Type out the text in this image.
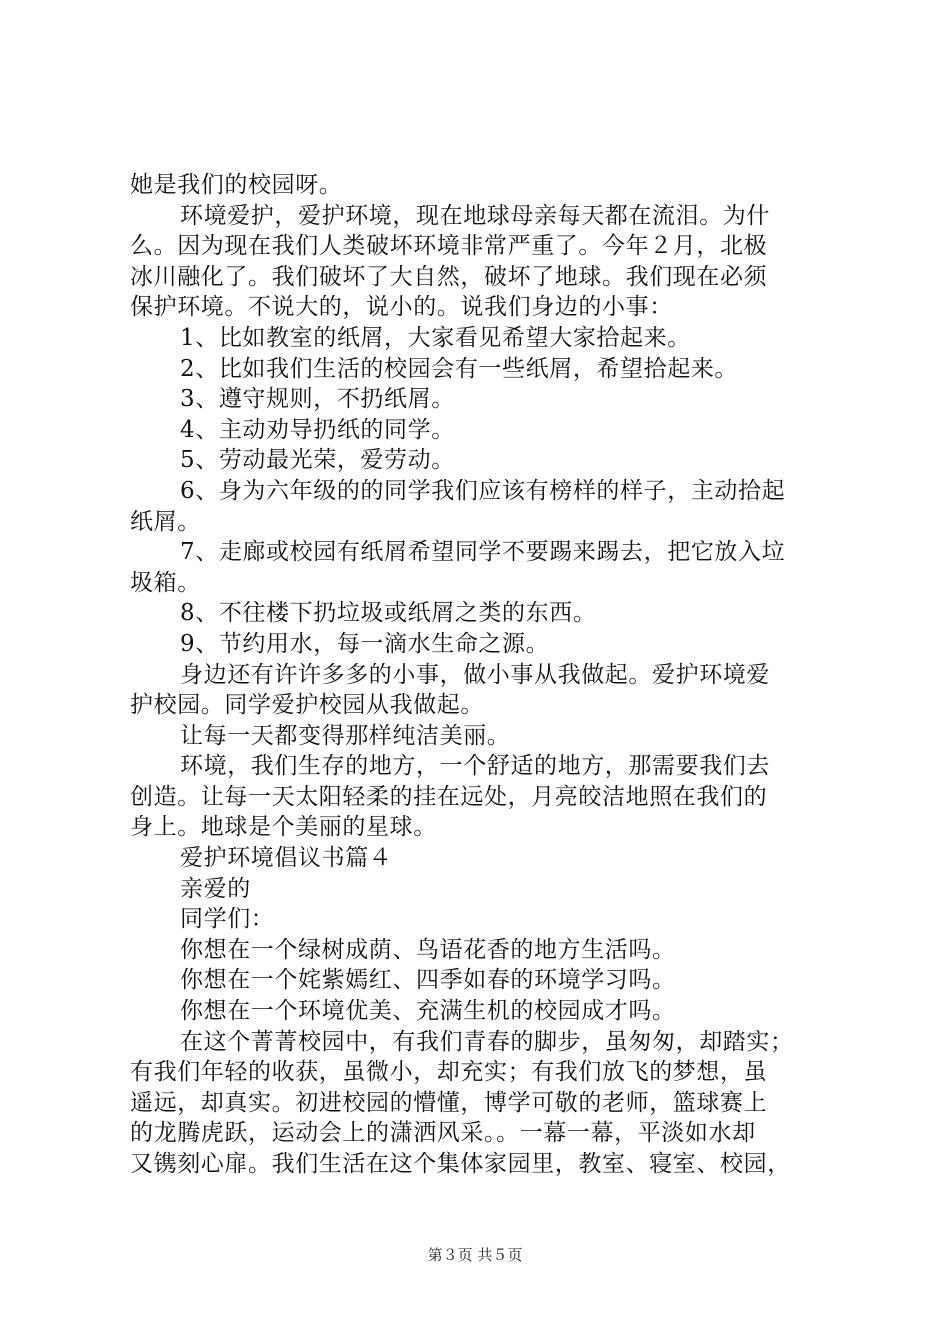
她是我们的校园呀。
环境爱护，爱护环境，现在地球母亲每天都在流泪。为什
么。因为现在我们人类破坏环境非常严重了。今年２月，北极
冰川融化了。我们破坏了大自然，破坏了地球。我们现在必须
保护环境。不说大的，说小的。说我们身边的小事：
1、比如教室的纸屑，大家看见希望大家拾起来。
2、比如我们生活的校园会有一些纸屑，希望拾起来。
3、遵守规则，不扔纸屑。
4、主动劝导扔纸的同学。
5、劳动最光荣，爱劳动。
6、身为六年级的的同学我们应该有榜样的样子，主动拾起
纸屑。
7、走廊或校园有纸屑希望同学不要踢来踢去，把它放入垃
圾箱。
8、不往楼下扔垃圾或纸屑之类的东西。
9、节约用水，每一滴水生命之源。
身边还有许许多多的小事，做小事从我做起。爱护环境爱
护校园。同学爱护校园从我做起。
让每一天都变得那样纯洁美丽。
环境，我们生存的地方，一个舒适的地方，那需要我们去
创造。让每一天太阳轻柔的挂在远处，月亮皎洁地照在我们的
身上。地球是个美丽的星球。
爱护环境倡议书篇４
亲爱的
同学们：
你想在一个绿树成荫、鸟语花香的地方生活吗。
你想在一个姹紫嫣红、四季如春的环境学习吗。
你想在一个环境优美、充满生机的校园成才吗。
在这个菁菁校园中，有我们青春的脚步，虽匆匆，却踏实；
有我们年轻的收获，虽微小，却充实；有我们放飞的梦想，虽
遥远，却真实。初进校园的懵懂，博学可敬的老师，篮球赛上
的龙腾虎跃，运动会上的潇洒风采。。一幕一幕，平淡如水却
又镌刻心扉。我们生活在这个集体家园里，教室、寝室、校园，
第３页 共５页
